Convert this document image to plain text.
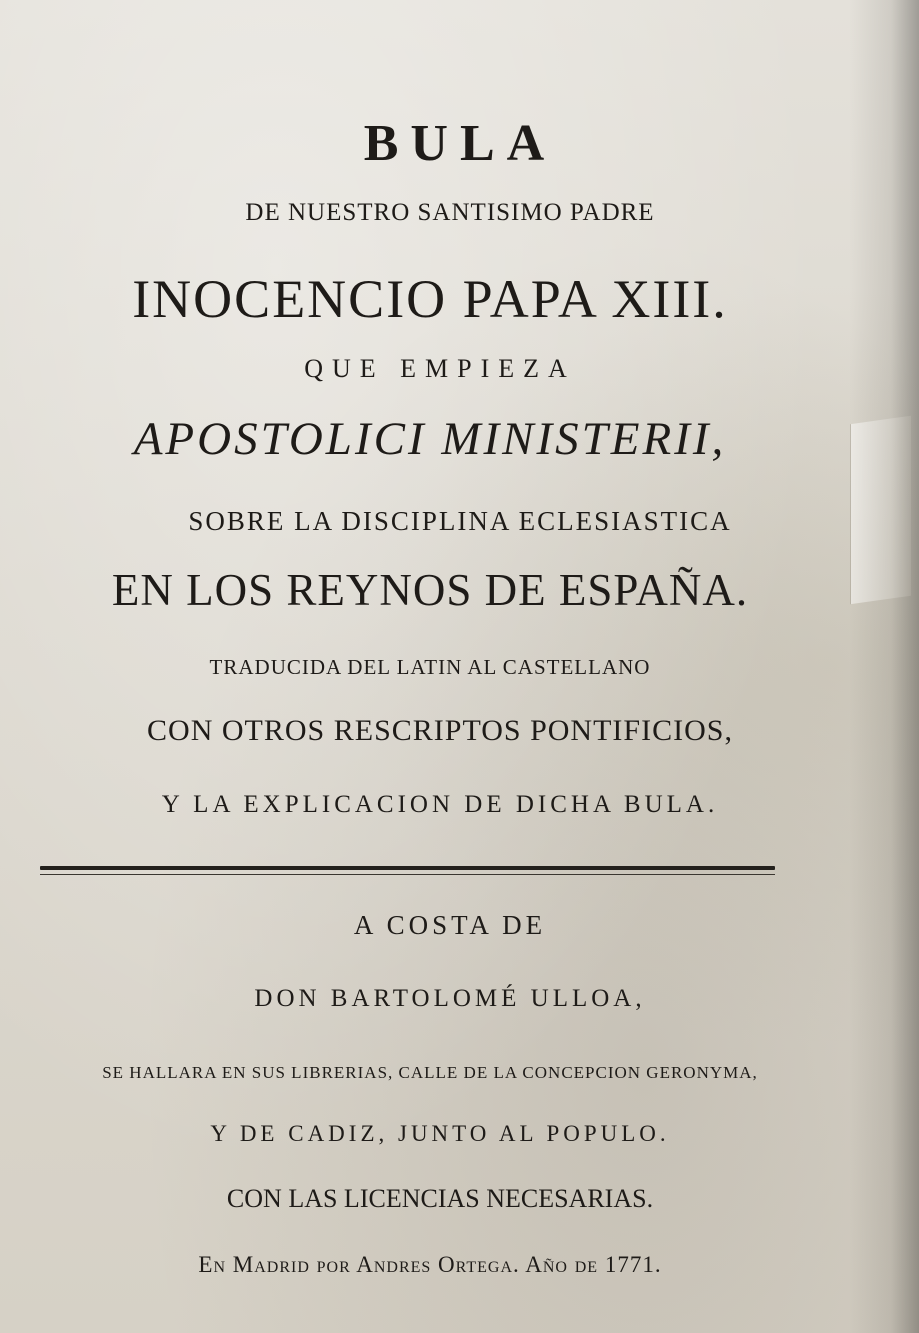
BULA
DE NUESTRO SANTISIMO PADRE
INOCENCIO PAPA XIII.
QUE EMPIEZA
APOSTOLICI MINISTERII,
SOBRE LA DISCIPLINA ECLESIASTICA
EN LOS REYNOS DE ESPAÑA.
TRADUCIDA DEL LATIN AL CASTELLANO
CON OTROS RESCRIPTOS PONTIFICIOS,
Y LA EXPLICACION DE DICHA BULA.
A COSTA DE
DON BARTOLOMÉ ULLOA,
SE HALLARA EN SUS LIBRERIAS, CALLE DE LA CONCEPCION GERONYMA,
Y DE CADIZ, JUNTO AL POPULO.
CON LAS LICENCIAS NECESARIAS.
En Madrid por Andres Ortega. Año de 1771.
